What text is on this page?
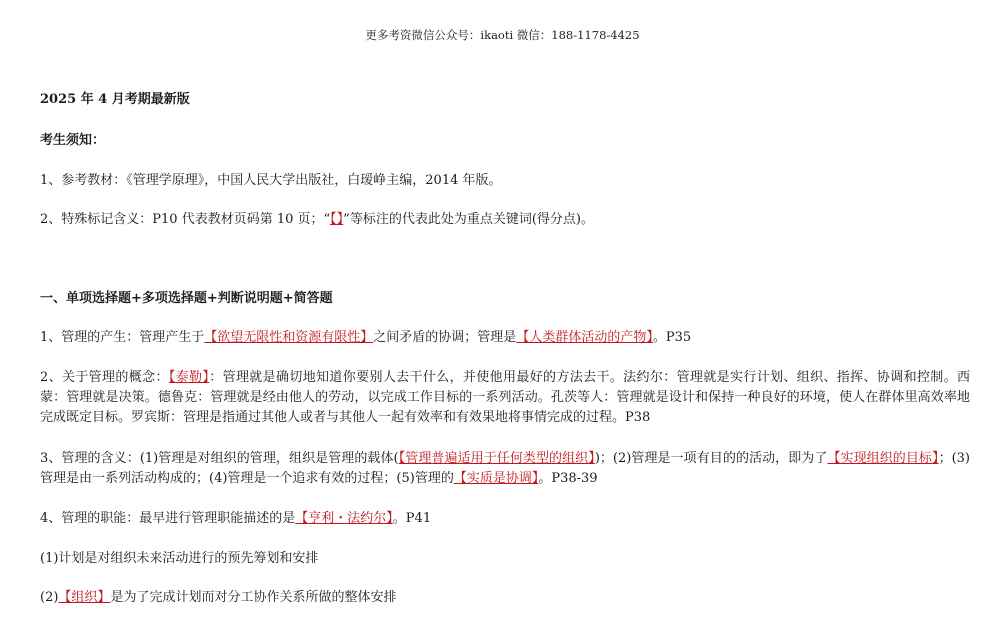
更多考资微信公众号：ikaoti 微信：188-1178-4425
2025 年 4 月考期最新版
考生须知：
1、参考教材：《管理学原理》，中国人民大学出版社，白瑷峥主编，2014 年版。
2、特殊标记含义：P10 代表教材页码第 10 页；“【】”等标注的代表此处为重点关键词(得分点)。
一、单项选择题+多项选择题+判断说明题+简答题
1、管理的产生：管理产生于【欲望无限性和资源有限性】之间矛盾的协调；管理是【人类群体活动的产物】。P35
2、关于管理的概念：【泰勒】：管理就是确切地知道你要别人去干什么，并使他用最好的方法去干。法约尔：管理就是实行计划、组织、指挥、协调和控制。西蒙：管理就是决策。德鲁克：管理就是经由他人的劳动，以完成工作目标的一系列活动。孔茨等人：管理就是设计和保持一种良好的环境，使人在群体里高效率地完成既定目标。罗宾斯：管理是指通过其他人或者与其他人一起有效率和有效果地将事情完成的过程。P38
3、管理的含义：(1)管理是对组织的管理，组织是管理的载体(【管理普遍适用于任何类型的组织】)；(2)管理是一项有目的的活动，即为了【实现组织的目标】；(3)管理是由一系列活动构成的；(4)管理是一个追求有效的过程；(5)管理的【实质是协调】。P38-39
4、管理的职能：最早进行管理职能描述的是【亨利・法约尔】。P41
(1)计划是对组织未来活动进行的预先筹划和安排
(2)【组织】是为了完成计划而对分工协作关系所做的整体安排
